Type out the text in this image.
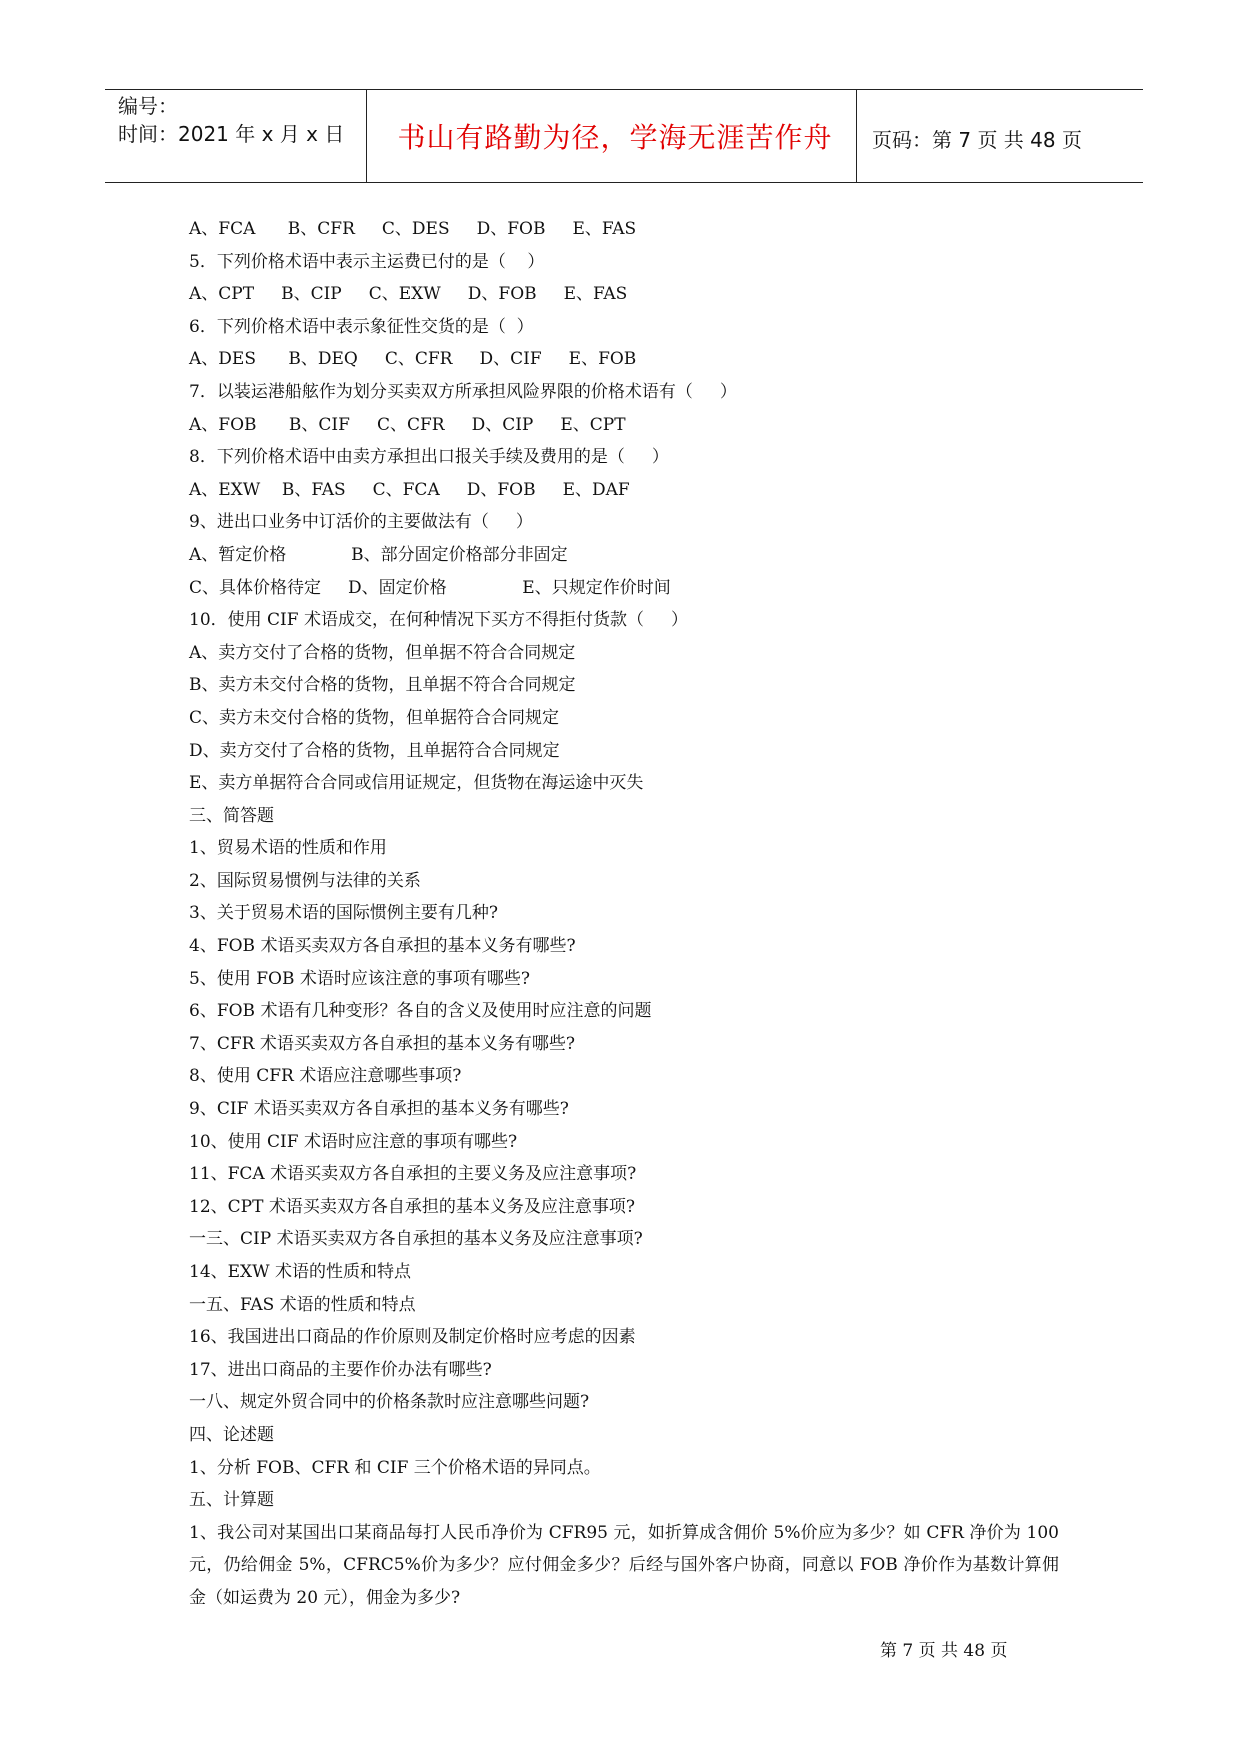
编号：
时间：2021 年 x 月 x 日	书山有路勤为径，学海无涯苦作舟	页码：第 7 页 共 48 页
A、FCA      B、CFR     C、DES     D、FOB     E、FAS
5．下列价格术语中表示主运费已付的是（    ）
A、CPT     B、CIP     C、EXW     D、FOB     E、FAS
6．下列价格术语中表示象征性交货的是（  ）
A、DES      B、DEQ     C、CFR     D、CIF     E、FOB
7．以装运港船舷作为划分买卖双方所承担风险界限的价格术语有（     ）
A、FOB      B、CIF     C、CFR     D、CIP     E、CPT
8．下列价格术语中由卖方承担出口报关手续及费用的是（     ）
A、EXW    B、FAS     C、FCA     D、FOB     E、DAF
9、进出口业务中订活价的主要做法有（     ）
A、暂定价格            B、部分固定价格部分非固定
C、具体价格待定     D、固定价格              E、只规定作价时间
10．使用 CIF 术语成交，在何种情况下买方不得拒付货款（     ）
A、卖方交付了合格的货物，但单据不符合合同规定
B、卖方未交付合格的货物，且单据不符合合同规定
C、卖方未交付合格的货物，但单据符合合同规定
D、卖方交付了合格的货物，且单据符合合同规定
E、卖方单据符合合同或信用证规定，但货物在海运途中灭失
三、简答题
1、贸易术语的性质和作用
2、国际贸易惯例与法律的关系
3、关于贸易术语的国际惯例主要有几种?
4、FOB 术语买卖双方各自承担的基本义务有哪些?
5、使用 FOB 术语时应该注意的事项有哪些?
6、FOB 术语有几种变形？各自的含义及使用时应注意的问题
7、CFR 术语买卖双方各自承担的基本义务有哪些?
8、使用 CFR 术语应注意哪些事项?
9、CIF 术语买卖双方各自承担的基本义务有哪些?
10、使用 CIF 术语时应注意的事项有哪些?
11、FCA 术语买卖双方各自承担的主要义务及应注意事项?
12、CPT 术语买卖双方各自承担的基本义务及应注意事项?
一三、CIP 术语买卖双方各自承担的基本义务及应注意事项?
14、EXW 术语的性质和特点
一五、FAS 术语的性质和特点
16、我国进出口商品的作价原则及制定价格时应考虑的因素
17、进出口商品的主要作价办法有哪些?
一八、规定外贸合同中的价格条款时应注意哪些问题?
四、论述题
1、分析 FOB、CFR 和 CIF 三个价格术语的异同点。
五、计算题
1、我公司对某国出口某商品每打人民币净价为 CFR95 元，如折算成含佣价 5%价应为多少？如 CFR 净价为 100 元，仍给佣金 5%，CFRC5%价为多少？应付佣金多少？后经与国外客户协商，同意以 FOB 净价作为基数计算佣金（如运费为 20 元），佣金为多少?
第 7 页 共 48 页
